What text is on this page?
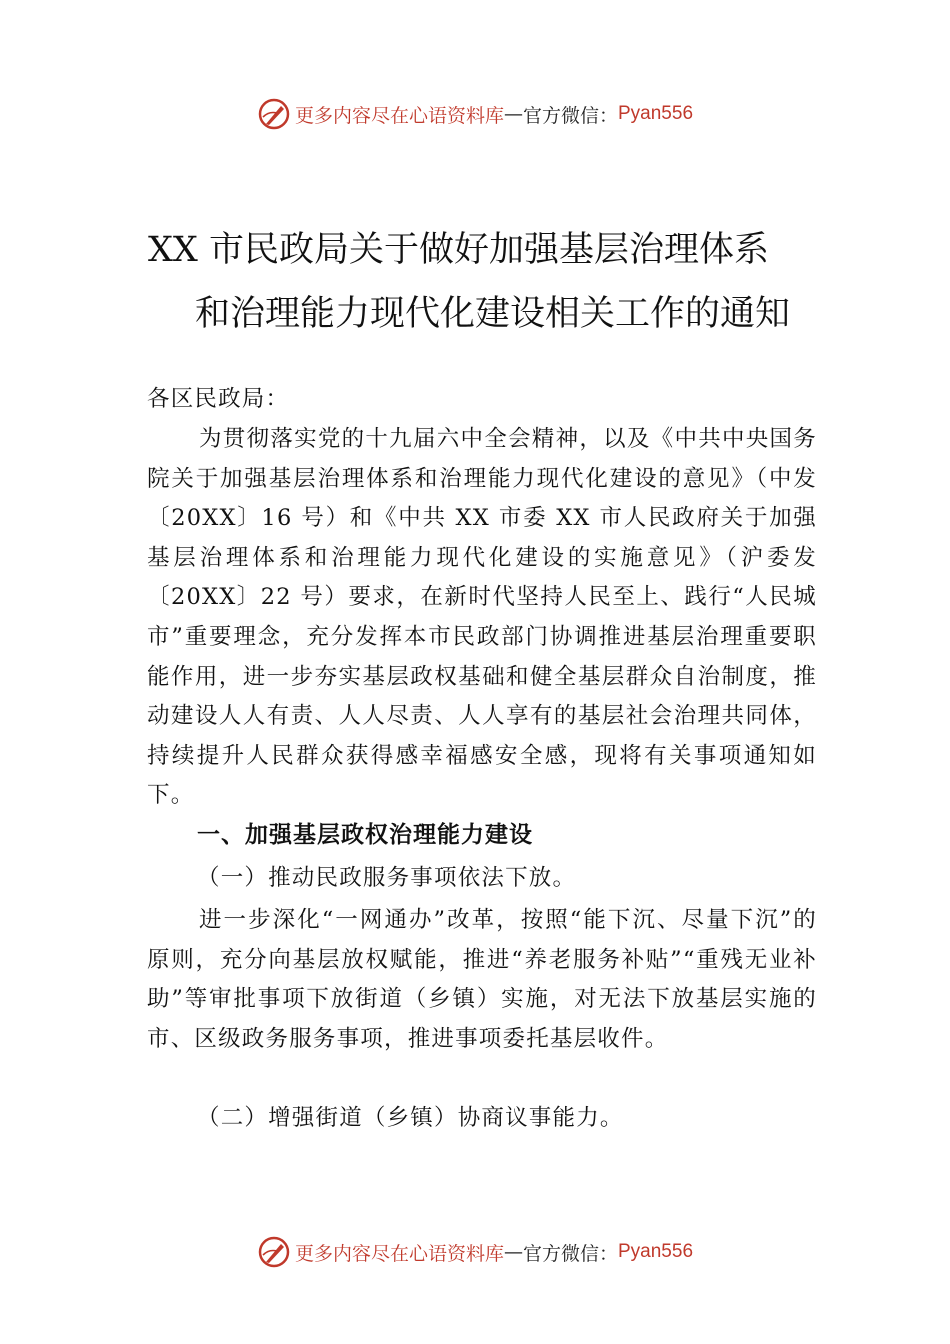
更多内容尽在心语资料库 — 官方微信： Pyan556
XX 市民政局关于做好加强基层治理体系
和治理能力现代化建设相关工作的通知
各区民政局：
为贯彻落实党的十九届六中全会精神，以及《中共中央国务院关于加强基层治理体系和治理能力现代化建设的意见》（中发〔20XX〕16 号）和《中共 XX 市委 XX 市人民政府关于加强基层治理体系和治理能力现代化建设的实施意见》（沪委发〔20XX〕22 号）要求，在新时代坚持人民至上、践行“人民城市”重要理念，充分发挥本市民政部门协调推进基层治理重要职能作用，进一步夯实基层政权基础和健全基层群众自治制度，推动建设人人有责、人人尽责、人人享有的基层社会治理共同体，持续提升人民群众获得感幸福感安全感，现将有关事项通知如下。
一、加强基层政权治理能力建设
（一）推动民政服务事项依法下放。
进一步深化“一网通办”改革，按照“能下沉、尽量下沉”的原则，充分向基层放权赋能，推进“养老服务补贴”“重残无业补助”等审批事项下放街道（乡镇）实施，对无法下放基层实施的市、区级政务服务事项，推进事项委托基层收件。
（二）增强街道（乡镇）协商议事能力。
更多内容尽在心语资料库 — 官方微信： Pyan556
